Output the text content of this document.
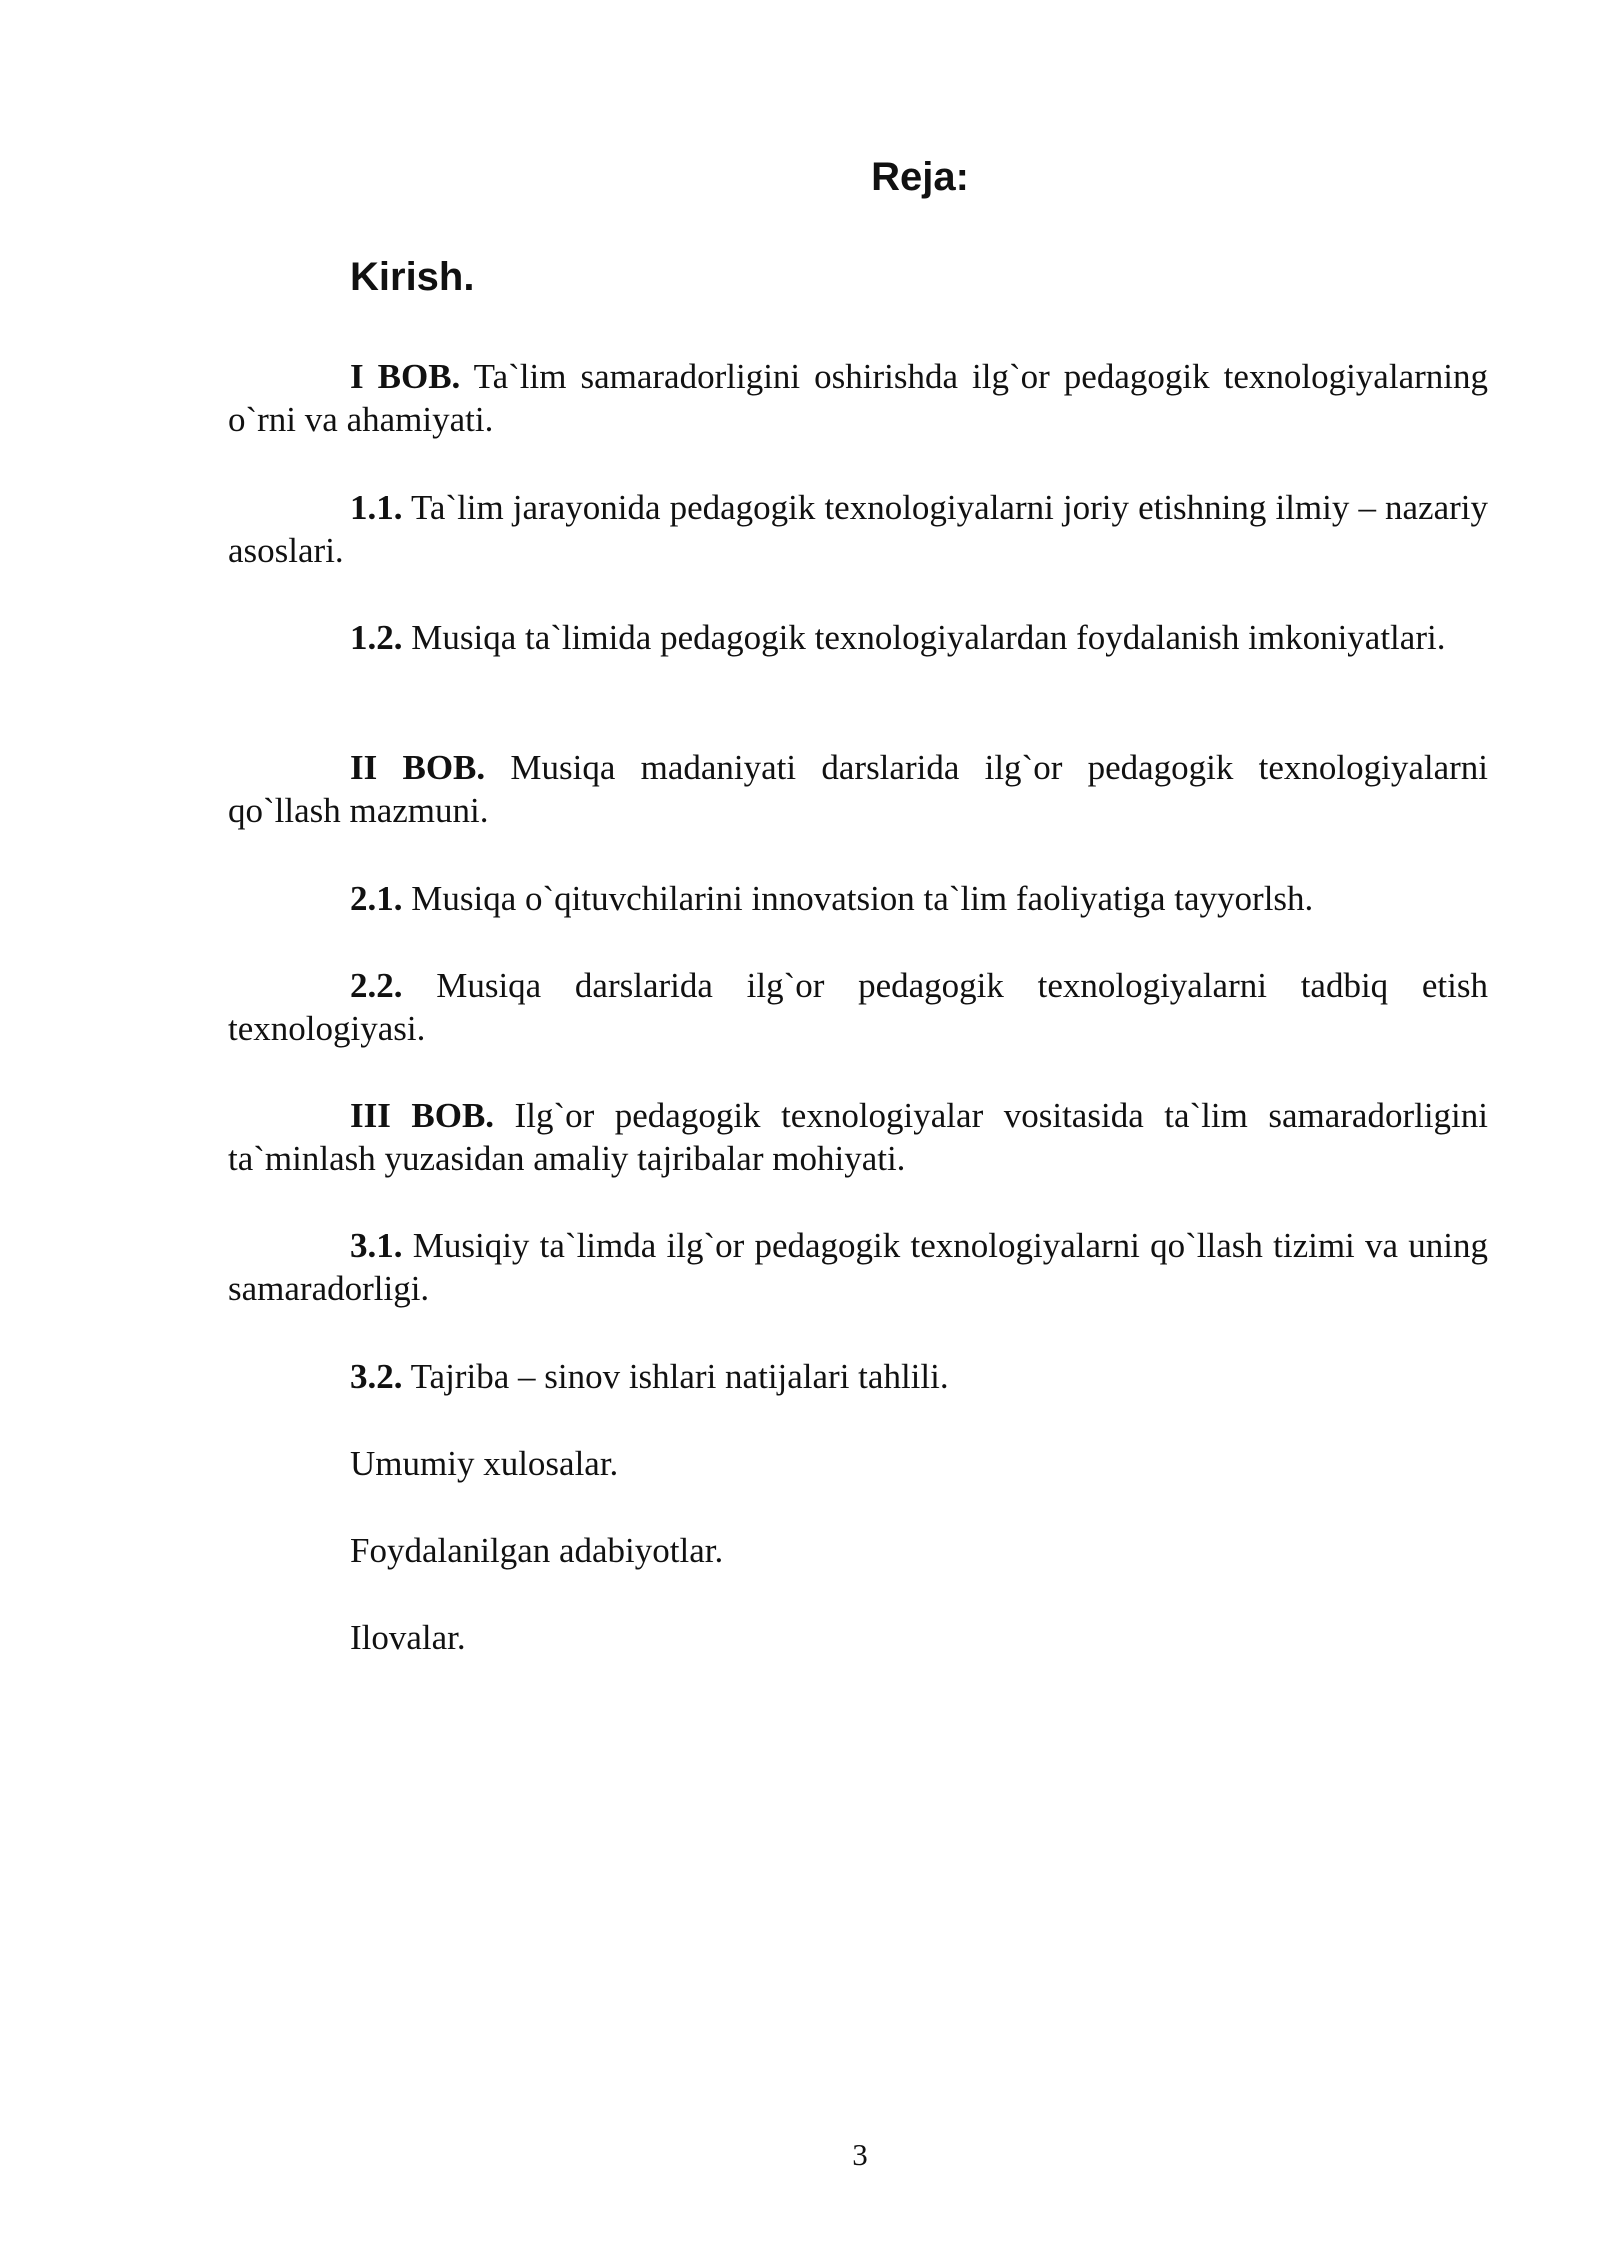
Reja:
Kirish.
I BOB. Ta`lim samaradorligini oshirishda ilg`or pedagogik texnologiyalarning o`rni va ahamiyati.
1.1. Ta`lim jarayonida pedagogik texnologiyalarni joriy etishning ilmiy – nazariy asoslari.
1.2. Musiqa ta`limida pedagogik texnologiyalardan foydalanish imkoniyatlari.
II BOB. Musiqa madaniyati darslarida ilg`or pedagogik texnologiyalarni qo`llash mazmuni.
2.1. Musiqa o`qituvchilarini innovatsion ta`lim faoliyatiga tayyorlsh.
2.2. Musiqa darslarida ilg`or pedagogik texnologiyalarni tadbiq etish texnologiyasi.
III BOB. Ilg`or pedagogik texnologiyalar vositasida ta`lim samaradorligini ta`minlash yuzasidan amaliy tajribalar mohiyati.
3.1. Musiqiy ta`limda ilg`or pedagogik texnologiyalarni qo`llash tizimi va uning samaradorligi.
3.2. Tajriba – sinov ishlari natijalari tahlili.
Umumiy xulosalar.
Foydalanilgan adabiyotlar.
Ilovalar.
3
